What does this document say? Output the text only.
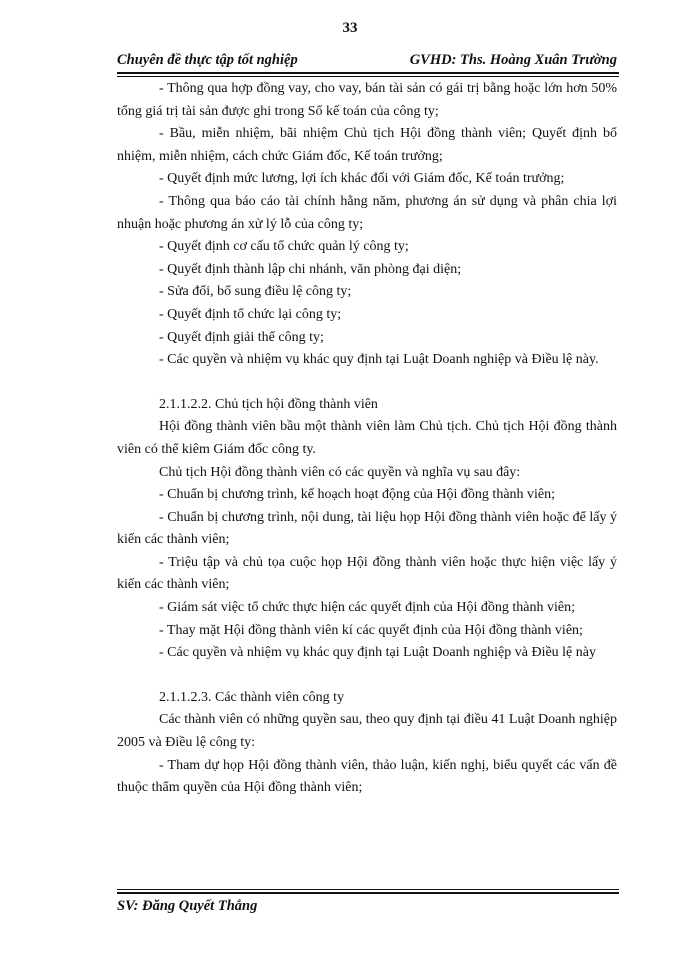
33
Chuyên đề thực tập tốt nghiệp	GVHD: Ths. Hoàng Xuân Trường

- Thông qua hợp đồng vay, cho vay, bán tài sản có gái trị bằng hoặc lớn hơn 50% tổng giá trị tài sản được ghi trong Sổ kế toán của công ty;

- Bầu, miễn nhiệm, bãi nhiệm Chủ tịch Hội đồng thành viên; Quyết định bổ nhiệm, miễn nhiệm, cách chức Giám đốc, Kế toán trưởng;

- Quyết định mức lương, lợi ích khác đối với Giám đốc, Kế toán trưởng;

- Thông qua báo cáo tài chính hằng năm, phương án sử dụng và phân chia lợi nhuận hoặc phương án xử lý lỗ của công ty;

- Quyết định cơ cấu tổ chức quản lý công ty;

- Quyết định thành lập chi nhánh, văn phòng đại diện;

- Sửa đổi, bổ sung điều lệ công ty;

- Quyết định tổ chức lại công ty;

- Quyết định giải thể công ty;

- Các quyền và nhiệm vụ khác quy định tại Luật Doanh nghiệp và Điều lệ này.

2.1.1.2.2. Chủ tịch hội đồng thành viên

Hội đồng thành viên bầu một thành viên làm Chủ tịch. Chủ tịch Hội đồng thành viên có thể kiêm Giám đốc công ty.

Chủ tịch Hội đồng thành viên có các quyền và nghĩa vụ sau đây:

- Chuẩn bị chương trình, kế hoạch hoạt động của Hội đồng thành viên;

- Chuẩn bị chương trình, nội dung, tài liệu họp Hội đồng thành viên hoặc để lấy ý kiến các thành viên;

- Triệu tập và chủ tọa cuộc họp Hội đồng thành viên hoặc thực hiện việc lấy ý kiến các thành viên;

- Giám sát việc tổ chức thực hiện các quyết định của Hội đồng thành viên;

- Thay mặt Hội đồng thành viên kí các quyết định của Hội đồng thành viên;

- Các quyền và nhiệm vụ khác quy định tại Luật Doanh nghiệp và Điều lệ này

2.1.1.2.3. Các thành viên công ty

Các thành viên có những quyền sau, theo quy định tại điều 41 Luật Doanh nghiệp 2005 và Điều lệ công ty:

- Tham dự họp Hội đồng thành viên, thảo luận, kiến nghị, biểu quyết các vấn đề thuộc thẩm quyền của Hội đồng thành viên;

SV: Đăng Quyết Thắng
